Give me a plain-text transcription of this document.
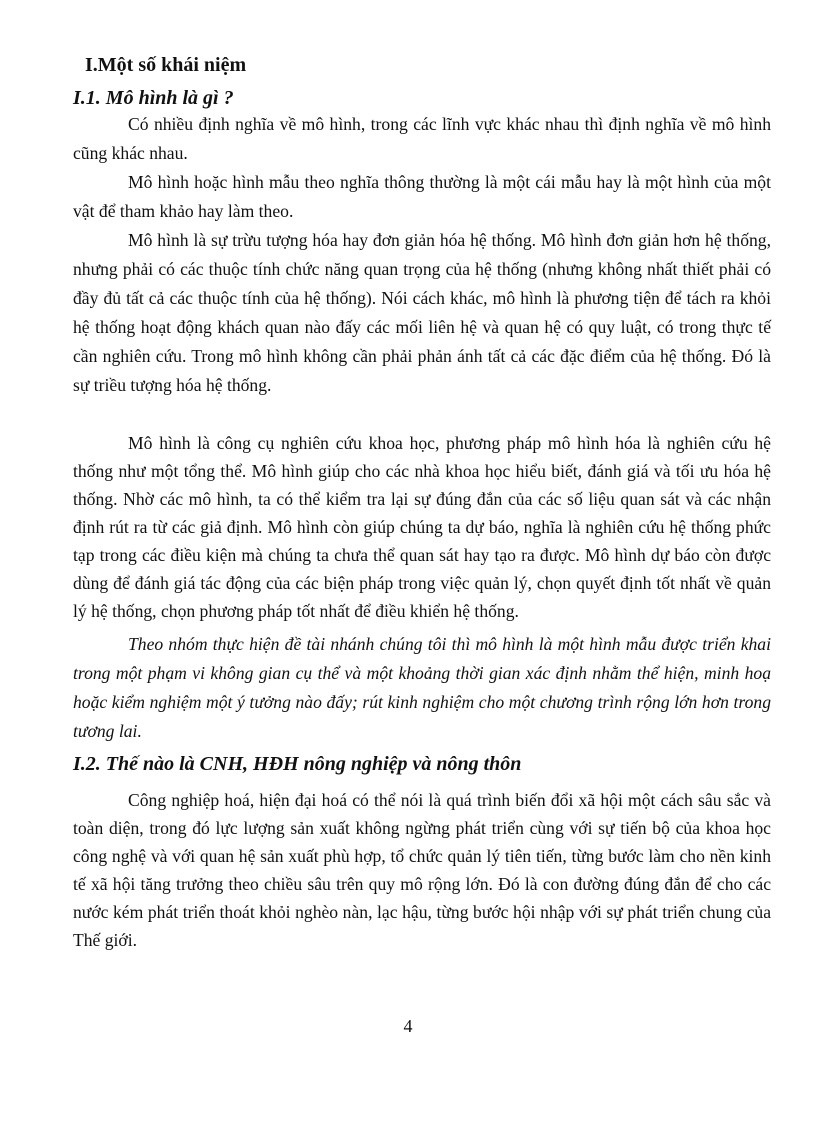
I.Một số khái niệm
I.1. Mô hình là gì ?

Có nhiều định nghĩa về mô hình, trong các lĩnh vực khác nhau thì định nghĩa về mô hình cũng khác nhau.

Mô hình hoặc hình mẫu theo nghĩa thông thường là một cái mẫu hay là một hình của một vật để tham khảo hay làm theo.

Mô hình là sự trừu tượng hóa hay đơn giản hóa hệ thống. Mô hình đơn giản hơn hệ thống, nhưng phải có các thuộc tính chức năng quan trọng của hệ thống (nhưng không nhất thiết phải có đầy đủ tất cả các thuộc tính của hệ thống). Nói cách khác, mô hình là phương tiện để tách ra khỏi hệ thống hoạt động khách quan nào đấy các mối liên hệ và quan hệ có quy luật, có trong thực tế cần nghiên cứu. Trong mô hình không cần phải phản ánh tất cả các đặc điểm của hệ thống. Đó là sự triều tượng hóa hệ thống.

Mô hình là công cụ nghiên cứu khoa học, phương pháp mô hình hóa là nghiên cứu hệ thống như một tổng thể. Mô hình giúp cho các nhà khoa học hiểu biết, đánh giá và tối ưu hóa hệ thống. Nhờ các mô hình, ta có thể kiểm tra lại sự đúng đắn của các số liệu quan sát và các nhận định rút ra từ các giả định. Mô hình còn giúp chúng ta dự báo, nghĩa là nghiên cứu hệ thống phức tạp trong các điều kiện mà chúng ta chưa thể quan sát hay tạo ra được. Mô hình dự báo còn được dùng để đánh giá tác động của các biện pháp trong việc quản lý, chọn quyết định tốt nhất về quản lý hệ thống, chọn phương pháp tốt nhất để điều khiển hệ thống.

Theo nhóm thực hiện đề tài nhánh chúng tôi thì mô hình là một hình mẫu được triển khai trong một phạm vi không gian cụ thể và một khoảng thời gian xác định nhằm thể hiện, minh hoạ hoặc kiểm nghiệm một ý tưởng nào đấy; rút kinh nghiệm cho một chương trình rộng lớn hơn trong tương lai.

I.2. Thế nào là CNH, HĐH nông nghiệp và nông thôn

Công nghiệp hoá, hiện đại hoá có thể nói là quá trình biến đổi xã hội một cách sâu sắc và toàn diện, trong đó lực lượng sản xuất không ngừng phát triển cùng với sự tiến bộ của khoa học công nghệ và với quan hệ sản xuất phù hợp, tổ chức quản lý tiên tiến, từng bước làm cho nền kinh tế xã hội tăng trưởng theo chiều sâu trên quy mô rộng lớn. Đó là con đường đúng đắn để cho các nước kém phát triển thoát khỏi nghèo nàn, lạc hậu, từng bước hội nhập với sự phát triển chung của Thế giới.

4
